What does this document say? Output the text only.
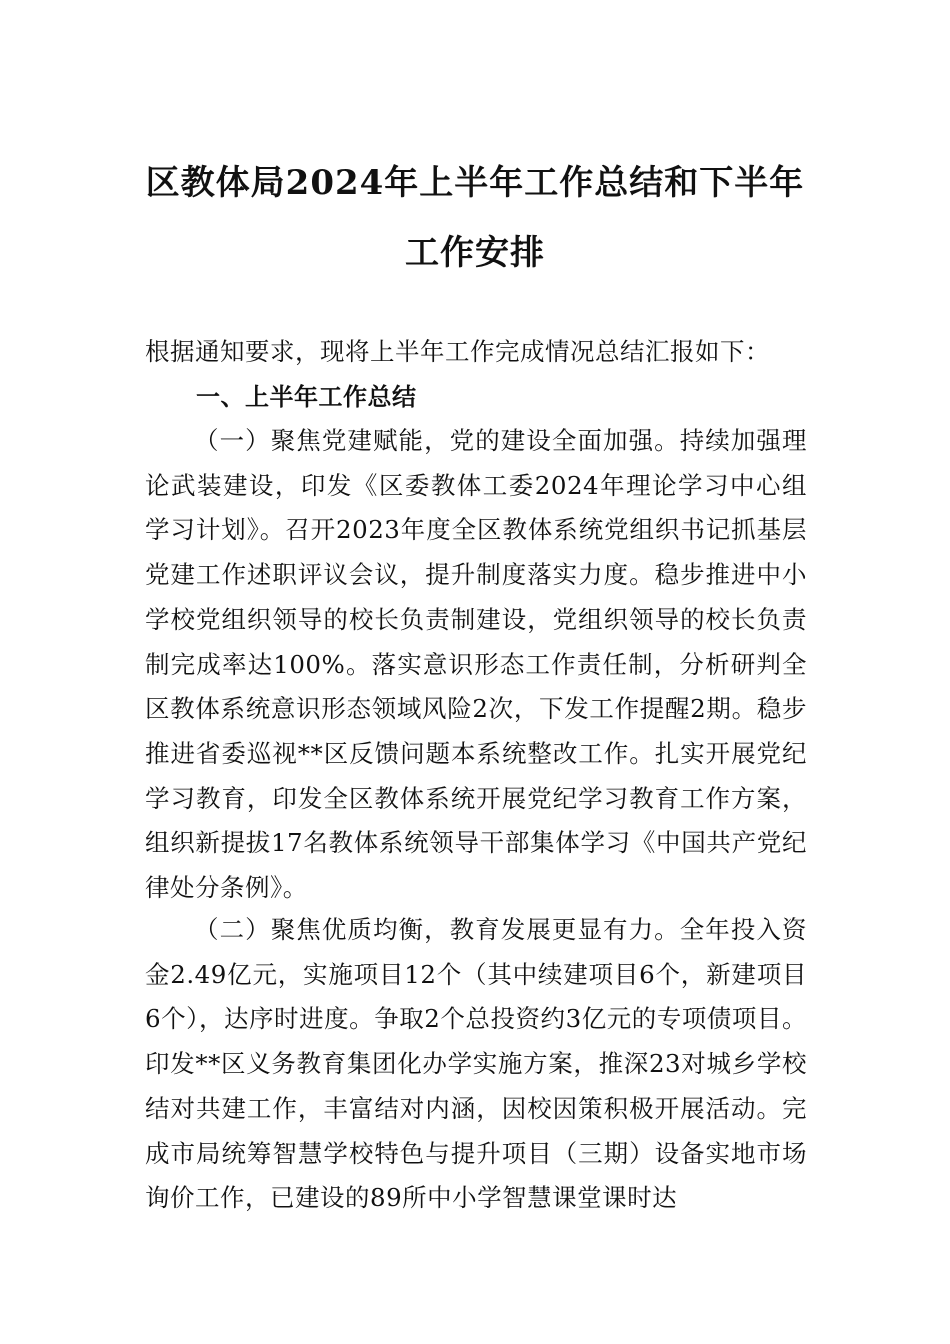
区教体局2024年上半年工作总结和下半年
工作安排
根据通知要求，现将上半年工作完成情况总结汇报如下：
一、上半年工作总结

（一）聚焦党建赋能，党的建设全面加强。持续加强理论武装建设，印发《区委教体工委2024年理论学习中心组学习计划》。召开2023年度全区教体系统党组织书记抓基层党建工作述职评议会议，提升制度落实力度。稳步推进中小学校党组织领导的校长负责制建设，党组织领导的校长负责制完成率达100%。落实意识形态工作责任制，分析研判全区教体系统意识形态领域风险2次，下发工作提醒2期。稳步推进省委巡视**区反馈问题本系统整改工作。扎实开展党纪学习教育，印发全区教体系统开展党纪学习教育工作方案，组织新提拔17名教体系统领导干部集体学习《中国共产党纪律处分条例》。

（二）聚焦优质均衡，教育发展更显有力。全年投入资金2.49亿元，实施项目12个（其中续建项目6个，新建项目6个），达序时进度。争取2个总投资约3亿元的专项债项目。印发**区义务教育集团化办学实施方案，推深23对城乡学校结对共建工作，丰富结对内涵，因校因策积极开展活动。完成市局统筹智慧学校特色与提升项目（三期）设备实地市场询价工作，已建设的89所中小学智慧课堂课时达
